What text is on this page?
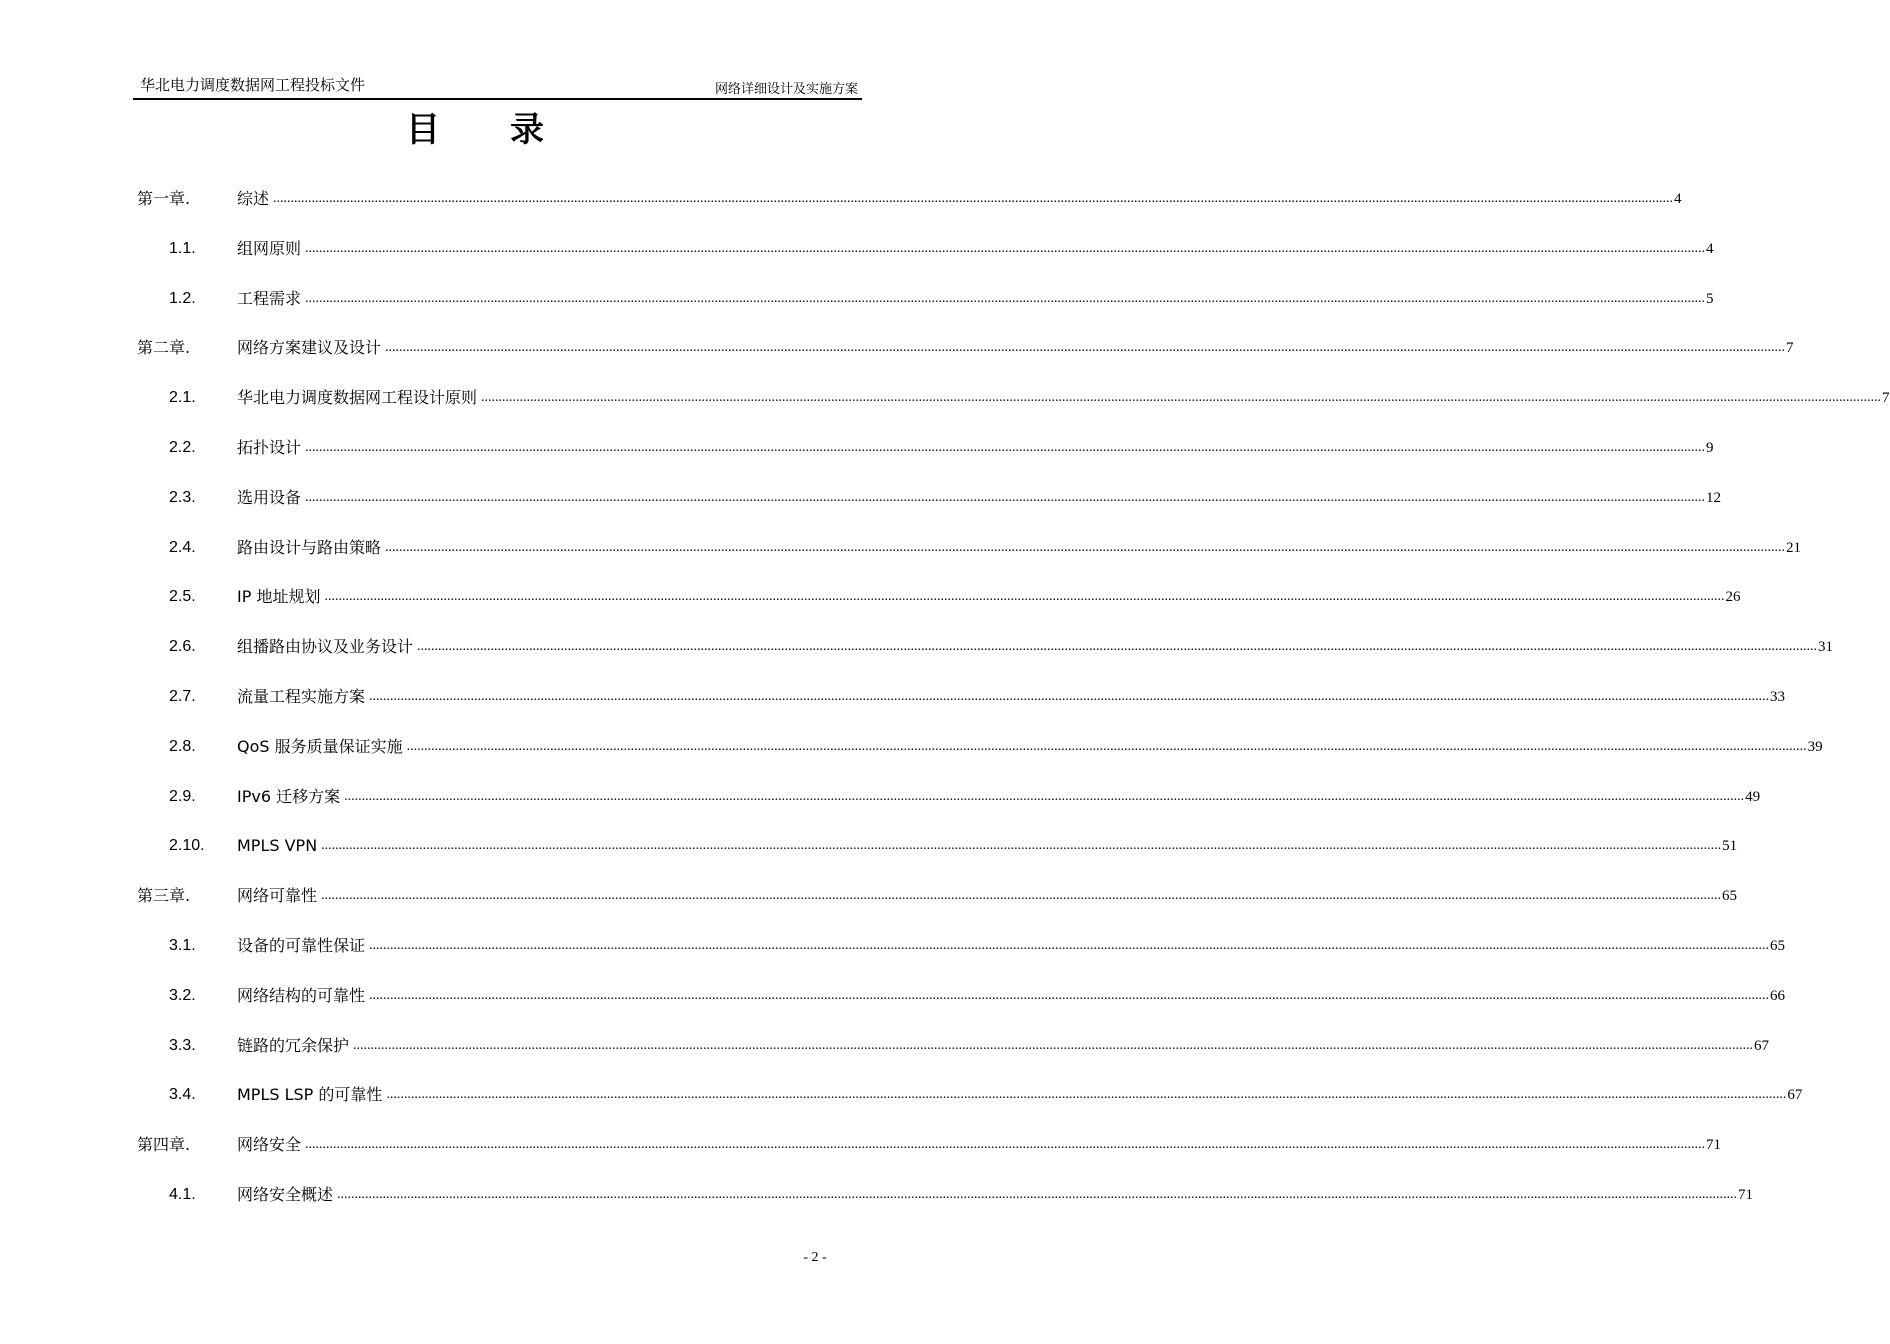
华北电力调度数据网工程投标文件	网络详细设计及实施方案
目 录
第一章.	综述 ................................................................................................................................................................................................................................................................................................................................................................................................................ 4
1.1.	组网原则 ................................................................................................................................................................................................................................................................................................................................................................................................................ 4
1.2.	工程需求 ................................................................................................................................................................................................................................................................................................................................................................................................................ 5
第二章.	网络方案建议及设计 ................................................................................................................................................................................................................................................................................................................................................................................................................ 7
2.1.	华北电力调度数据网工程设计原则 ................................................................................................................................................................................................................................................................................................................................................................................................................ 7
2.2.	拓扑设计 ................................................................................................................................................................................................................................................................................................................................................................................................................ 9
2.3.	选用设备 ................................................................................................................................................................................................................................................................................................................................................................................................................ 12
2.4.	路由设计与路由策略 ................................................................................................................................................................................................................................................................................................................................................................................................................ 21
2.5.	IP 地址规划 ................................................................................................................................................................................................................................................................................................................................................................................................................ 26
2.6.	组播路由协议及业务设计 ................................................................................................................................................................................................................................................................................................................................................................................................................ 31
2.7.	流量工程实施方案 ................................................................................................................................................................................................................................................................................................................................................................................................................ 33
2.8.	QoS 服务质量保证实施 ................................................................................................................................................................................................................................................................................................................................................................................................................ 39
2.9.	IPv6 迁移方案 ................................................................................................................................................................................................................................................................................................................................................................................................................ 49
2.10.	MPLS VPN ................................................................................................................................................................................................................................................................................................................................................................................................................ 51
第三章.	网络可靠性 ................................................................................................................................................................................................................................................................................................................................................................................................................ 65
3.1.	设备的可靠性保证 ................................................................................................................................................................................................................................................................................................................................................................................................................ 65
3.2.	网络结构的可靠性 ................................................................................................................................................................................................................................................................................................................................................................................................................ 66
3.3.	链路的冗余保护 ................................................................................................................................................................................................................................................................................................................................................................................................................ 67
3.4.	MPLS LSP 的可靠性 ................................................................................................................................................................................................................................................................................................................................................................................................................ 67
第四章.	网络安全 ................................................................................................................................................................................................................................................................................................................................................................................................................ 71
4.1.	网络安全概述 ................................................................................................................................................................................................................................................................................................................................................................................................................ 71
- 2 -
